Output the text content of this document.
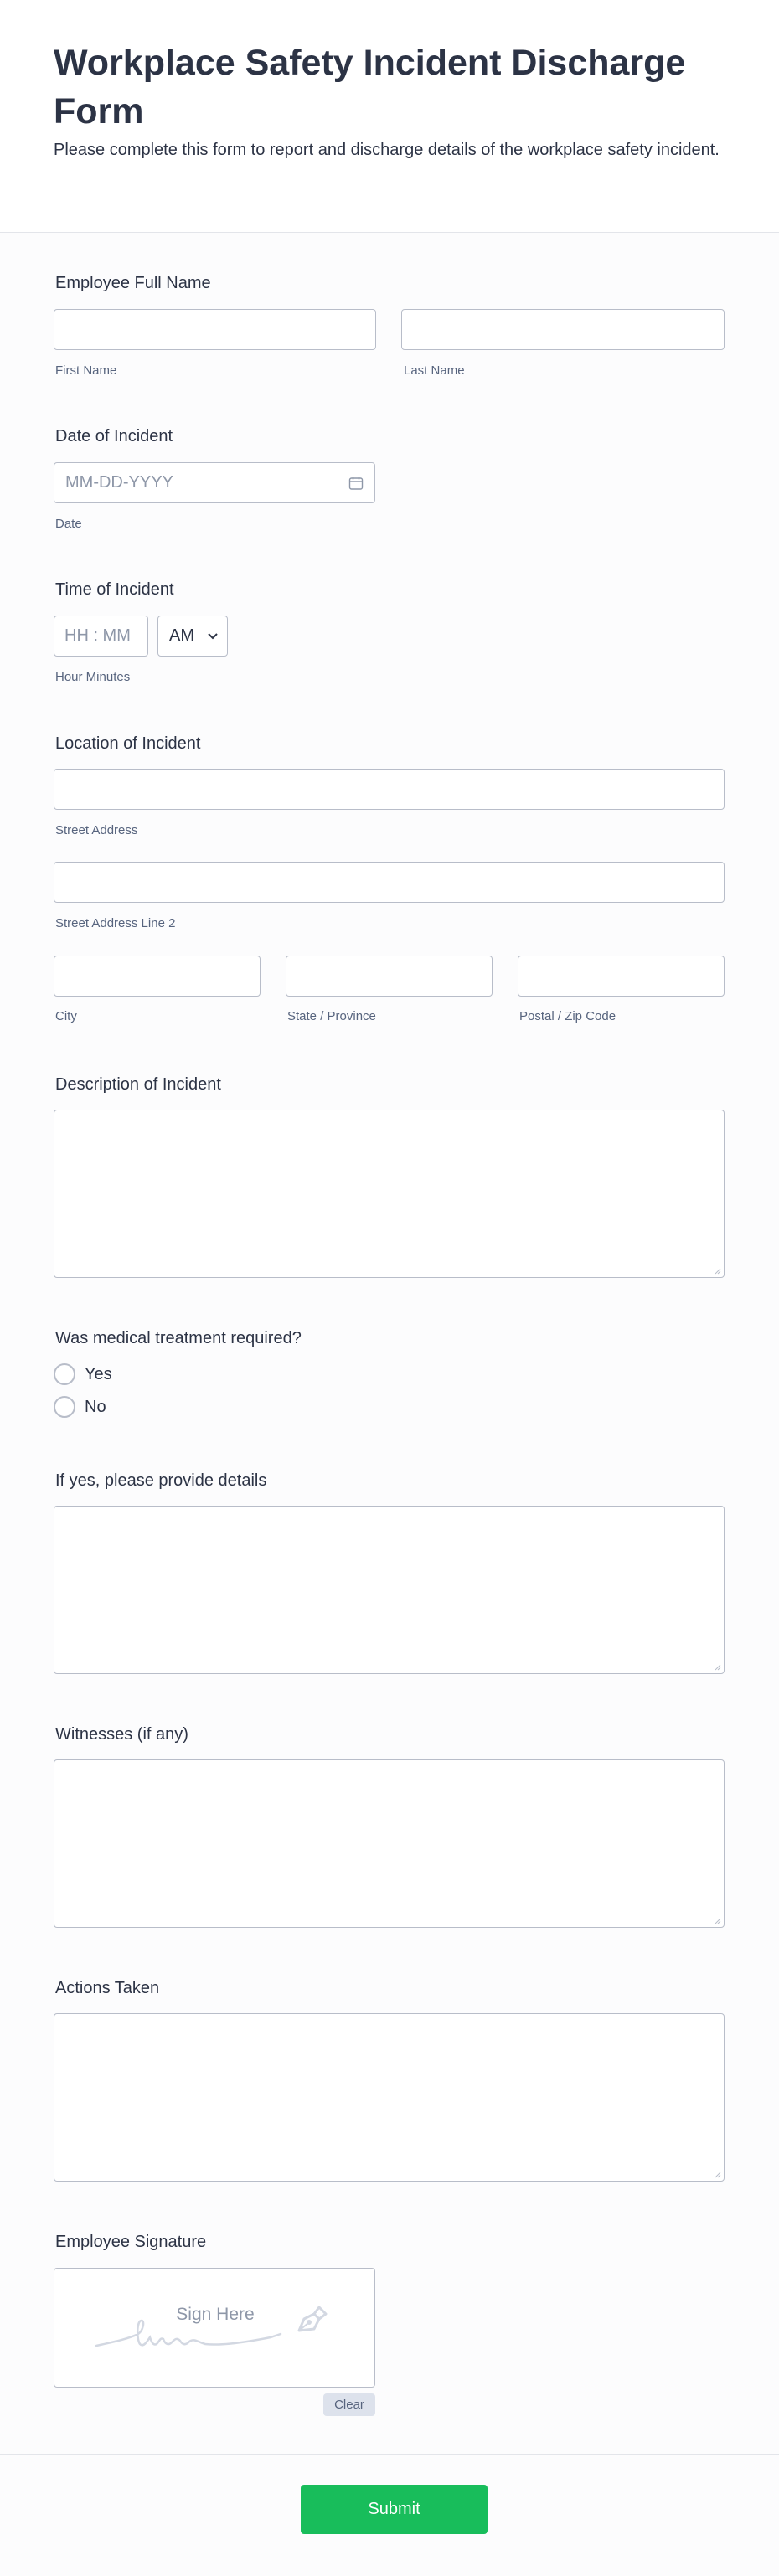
Workplace Safety Incident Discharge Form
Please complete this form to report and discharge details of the workplace safety incident.
Employee Full Name
First Name	Last Name
Date of Incident
MM-DD-YYYY
Date
Time of Incident
HH : MM AM
Hour Minutes
Location of Incident
Street Address
Street Address Line 2
City	State / Province	Postal / Zip Code
Description of Incident
Was medical treatment required?
Yes
No
If yes, please provide details
Witnesses (if any)
Actions Taken
Employee Signature
Sign Here
Clear
Submit
